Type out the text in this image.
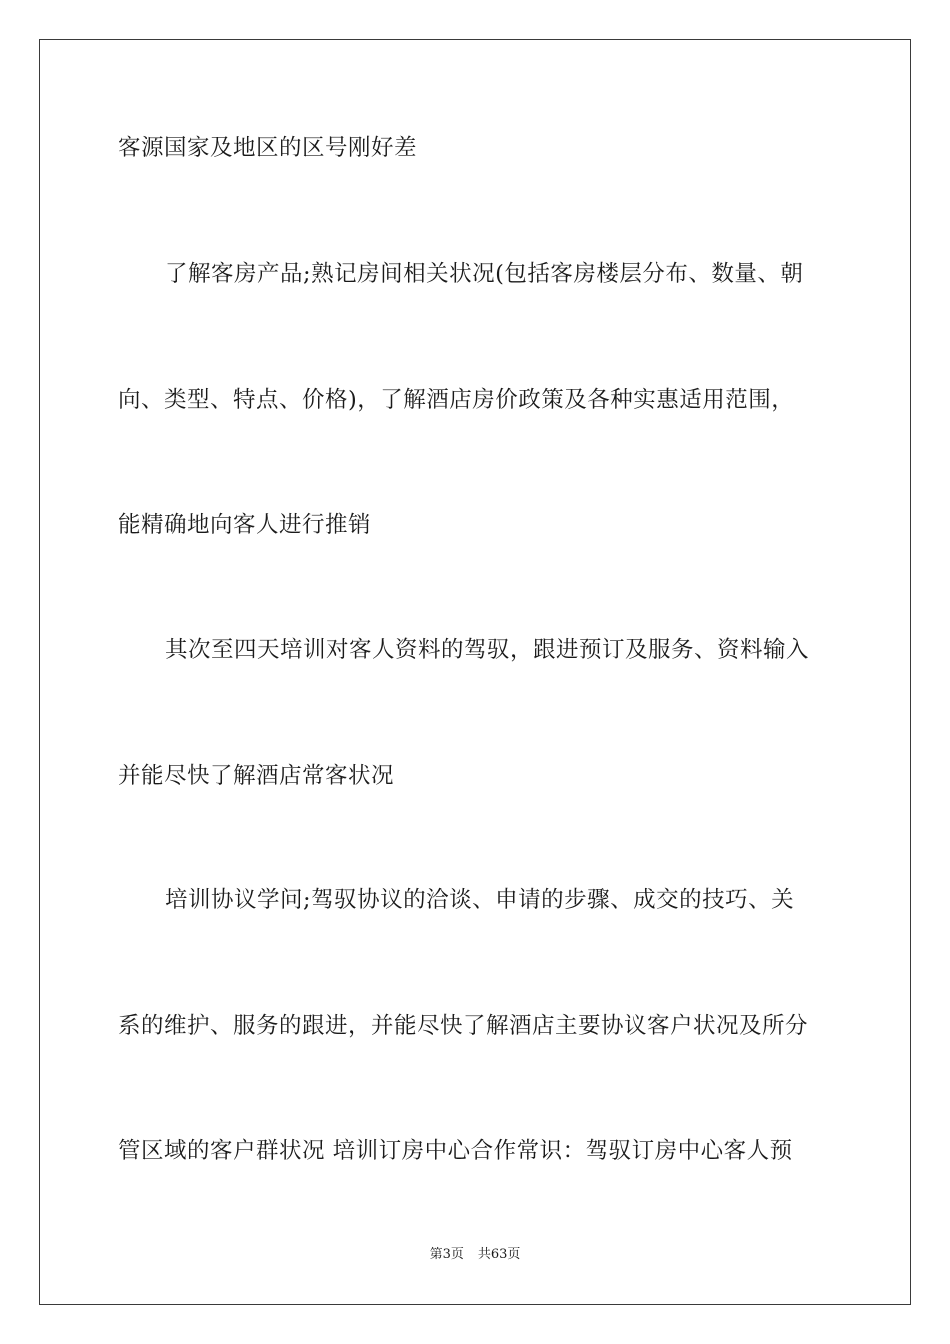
客源国家及地区的区号刚好差
了解客房产品;熟记房间相关状况(包括客房楼层分布、数量、朝
向、类型、特点、价格)，了解酒店房价政策及各种实惠适用范围，
能精确地向客人进行推销
其次至四天培训对客人资料的驾驭，跟进预订及服务、资料输入
并能尽快了解酒店常客状况
培训协议学问;驾驭协议的洽谈、申请的步骤、成交的技巧、关
系的维护、服务的跟进，并能尽快了解酒店主要协议客户状况及所分
管区域的客户群状况 培训订房中心合作常识：驾驭订房中心客人预
第3页 共63页
